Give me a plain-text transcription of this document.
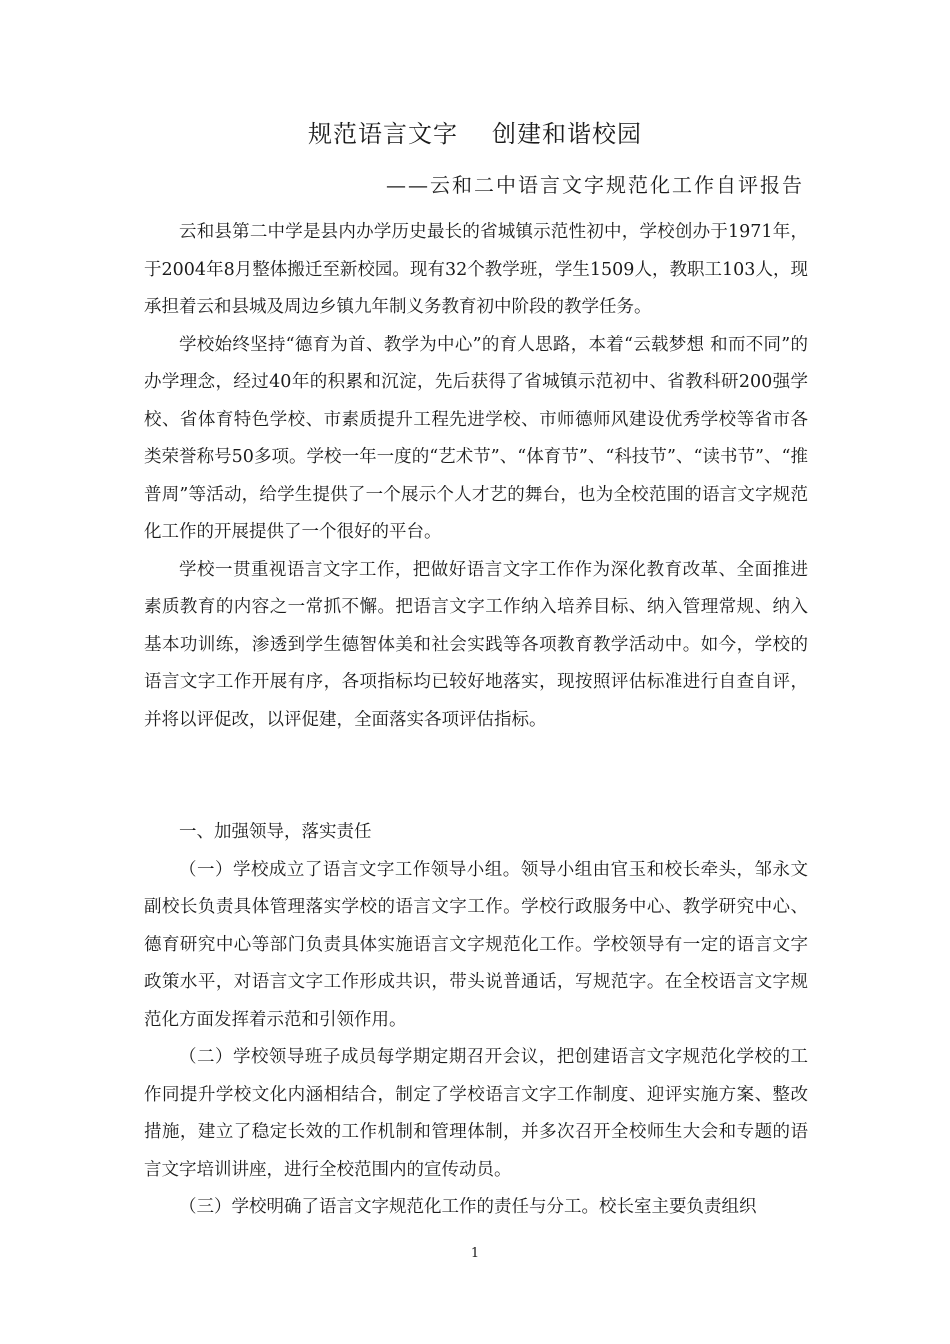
规范语言文字 创建和谐校园

——云和二中语言文字规范化工作自评报告

云和县第二中学是县内办学历史最长的省城镇示范性初中，学校创办于1971年，于2004年8月整体搬迁至新校园。现有32个教学班，学生1509人，教职工103人，现承担着云和县城及周边乡镇九年制义务教育初中阶段的教学任务。

学校始终坚持“德育为首、教学为中心”的育人思路，本着“云载梦想 和而不同”的办学理念，经过40年的积累和沉淀，先后获得了省城镇示范初中、省教科研200强学校、省体育特色学校、市素质提升工程先进学校、市师德师风建设优秀学校等省市各类荣誉称号50多项。学校一年一度的“艺术节”、“体育节”、“科技节”、“读书节”、“推普周”等活动，给学生提供了一个展示个人才艺的舞台，也为全校范围的语言文字规范化工作的开展提供了一个很好的平台。

学校一贯重视语言文字工作，把做好语言文字工作作为深化教育改革、全面推进素质教育的内容之一常抓不懈。把语言文字工作纳入培养目标、纳入管理常规、纳入基本功训练，渗透到学生德智体美和社会实践等各项教育教学活动中。如今，学校的语言文字工作开展有序，各项指标均已较好地落实，现按照评估标准进行自查自评，并将以评促改，以评促建，全面落实各项评估指标。

一、加强领导，落实责任

（一）学校成立了语言文字工作领导小组。领导小组由官玉和校长牵头，邹永文副校长负责具体管理落实学校的语言文字工作。学校行政服务中心、教学研究中心、德育研究中心等部门负责具体实施语言文字规范化工作。学校领导有一定的语言文字政策水平，对语言文字工作形成共识，带头说普通话，写规范字。在全校语言文字规范化方面发挥着示范和引领作用。

（二）学校领导班子成员每学期定期召开会议，把创建语言文字规范化学校的工作同提升学校文化内涵相结合，制定了学校语言文字工作制度、迎评实施方案、整改措施，建立了稳定长效的工作机制和管理体制，并多次召开全校师生大会和专题的语言文字培训讲座，进行全校范围内的宣传动员。

（三）学校明确了语言文字规范化工作的责任与分工。校长室主要负责组织

1
